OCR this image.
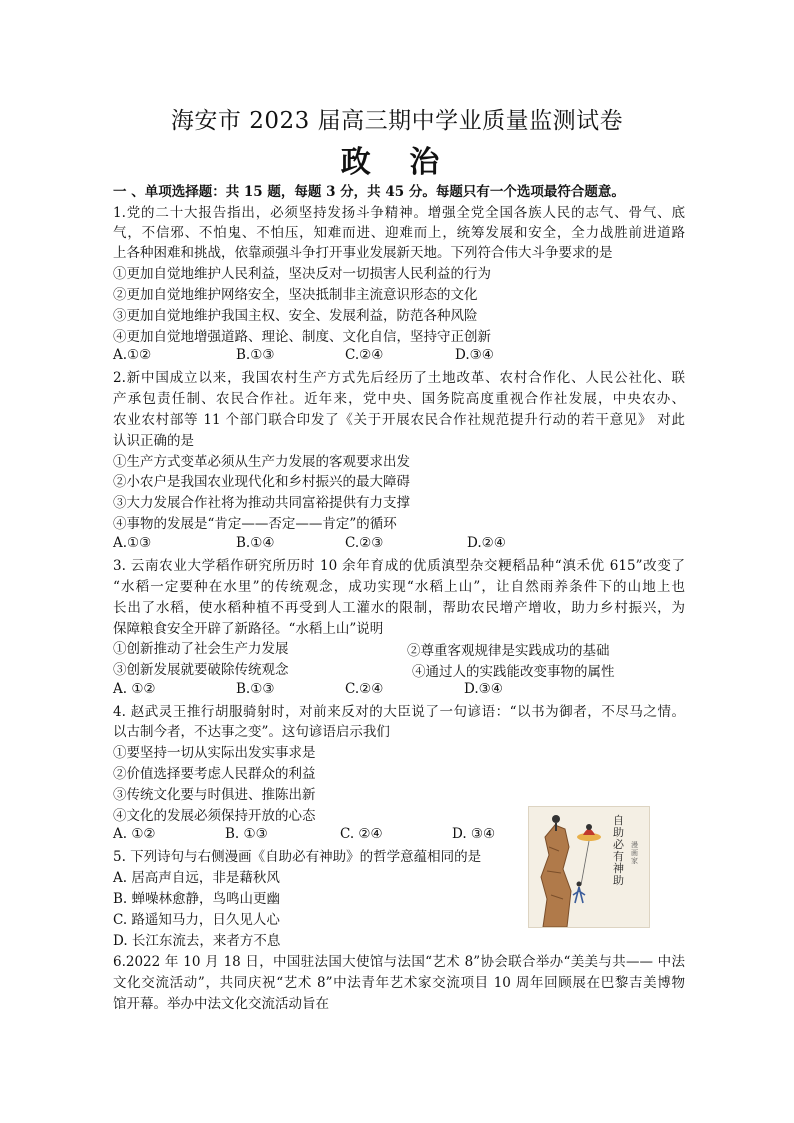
海安市 2023 届高三期中学业质量监测试卷
政 治
一 、单项选择题：共 15 题，每题 3 分，共 45 分。每题只有一个选项最符合题意。
1.党的二十大报告指出，必须坚持发扬斗争精神。增强全党全国各族人民的志气、骨气、底
气，不信邪、不怕鬼、不怕压，知难而进、迎难而上，统筹发展和安全，全力战胜前进道路
上各种困难和挑战，依靠顽强斗争打开事业发展新天地。下列符合伟大斗争要求的是
①更加自觉地维护人民利益，坚决反对一切损害人民利益的行为
②更加自觉地维护网络安全，坚决抵制非主流意识形态的文化
③更加自觉地维护我国主权、安全、发展利益，防范各种风险
④更加自觉地增强道路、理论、制度、文化自信，坚持守正创新
A.①②	B.①③	C.②④	D.③④
2.新中国成立以来，我国农村生产方式先后经历了土地改革、农村合作化、人民公社化、联
产承包责任制、农民合作社。近年来，党中央、国务院高度重视合作社发展，中央农办、
农业农村部等 11 个部门联合印发了《关于开展农民合作社规范提升行动的若干意见》 对此
认识正确的是
①生产方式变革必须从生产力发展的客观要求出发
②小农户是我国农业现代化和乡村振兴的最大障碍
③大力发展合作社将为推动共同富裕提供有力支撑
④事物的发展是“肯定——否定——肯定”的循环
A.①③	B.①④	C.②③	D.②④
3. 云南农业大学稻作研究所历时 10 余年育成的优质滇型杂交粳稻品种“滇禾优 615”改变了
“水稻一定要种在水里”的传统观念，成功实现“水稻上山”，让自然雨养条件下的山地上也
长出了水稻，使水稻种植不再受到人工灌水的限制，帮助农民增产增收，助力乡村振兴，为
保障粮食安全开辟了新路径。“水稻上山”说明
①创新推动了社会生产力发展	②尊重客观规律是实践成功的基础
③创新发展就要破除传统观念	④通过人的实践能改变事物的属性
A. ①②	B.①③	C.②④	D.③④
4. 赵武灵王推行胡服骑射时，对前来反对的大臣说了一句谚语：“以书为御者，不尽马之情。
以古制今者，不达事之变”。这句谚语启示我们
①要坚持一切从实际出发实事求是
②价值选择要考虑人民群众的利益
③传统文化要与时俱进、推陈出新
④文化的发展必须保持开放的心态
A. ①②	B. ①③	C. ②④	D. ③④
5. 下列诗句与右侧漫画《自助必有神助》的哲学意蕴相同的是
A. 居高声自远，非是藉秋风
B. 蝉噪林愈静，鸟鸣山更幽
C. 路遥知马力，日久见人心
D. 长江东流去，来者方不息
自助必有神助
漫画家
6.2022 年 10 月 18 日，中国驻法国大使馆与法国“艺术 8”协会联合举办“美美与共—— 中法
文化交流活动”，共同庆祝“艺术 8”中法青年艺术家交流项目 10 周年回顾展在巴黎吉美博物
馆开幕。举办中法文化交流活动旨在
